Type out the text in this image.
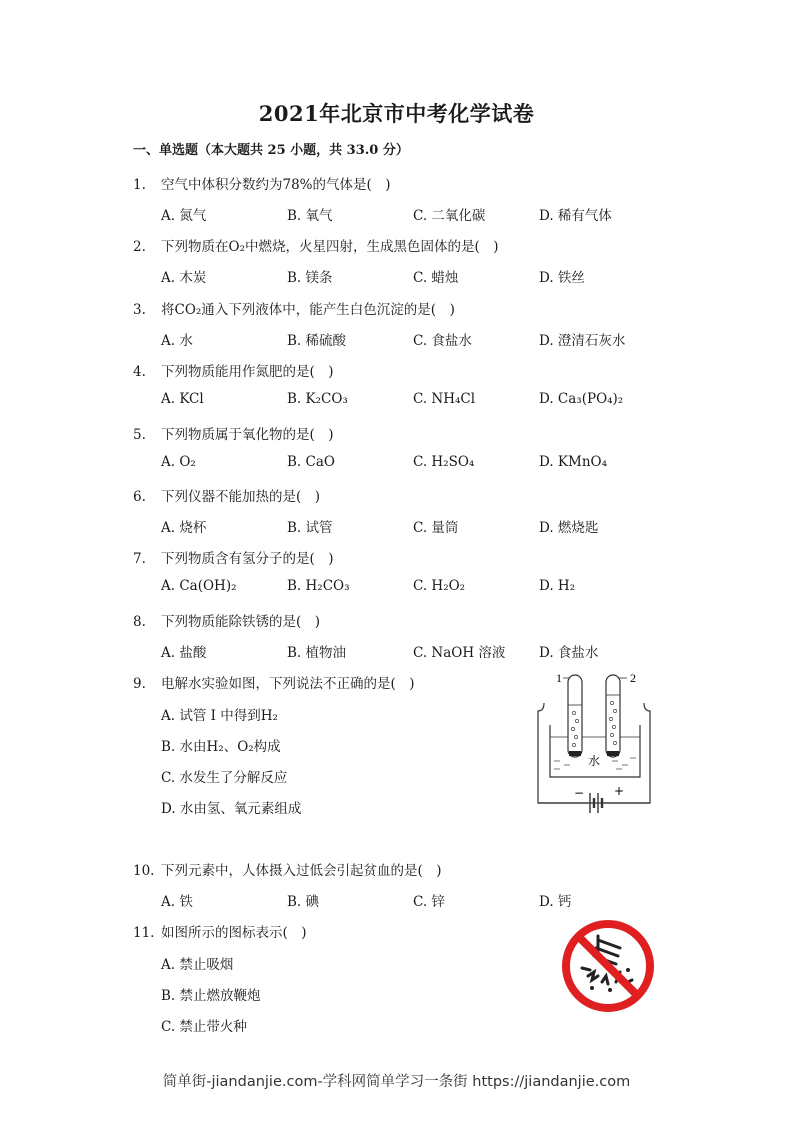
2021年北京市中考化学试卷
一、单选题（本大题共 25 小题，共 33.0 分）
1. 空气中体积分数约为78%的气体是( )
A. 氮气	B. 氧气	C. 二氧化碳	D. 稀有气体
2. 下列物质在O₂中燃烧，火星四射，生成黑色固体的是( )
A. 木炭	B. 镁条	C. 蜡烛	D. 铁丝
3. 将CO₂通入下列液体中，能产生白色沉淀的是( )
A. 水	B. 稀硫酸	C. 食盐水	D. 澄清石灰水
4. 下列物质能用作氮肥的是( )
A. KCl	B. K₂CO₃	C. NH₄Cl	D. Ca₃(PO₄)₂
5. 下列物质属于氧化物的是( )
A. O₂	B. CaO	C. H₂SO₄	D. KMnO₄
6. 下列仪器不能加热的是( )
A. 烧杯	B. 试管	C. 量筒	D. 燃烧匙
7. 下列物质含有氢分子的是( )
A. Ca(OH)₂	B. H₂CO₃	C. H₂O₂	D. H₂
8. 下列物质能除铁锈的是( )
A. 盐酸	B. 植物油	C. NaOH 溶液 D. 食盐水
9. 电解水实验如图，下列说法不正确的是( )
A. 试管 I 中得到H₂
B. 水由H₂、O₂构成
C. 水发生了分解反应
D. 水由氢、氧元素组成
1	2
水
− +
10. 下列元素中，人体摄入过低会引起贫血的是( )
A. 铁	B. 碘	C. 锌	D. 钙
11. 如图所示的图标表示( )
A. 禁止吸烟
B. 禁止燃放鞭炮
C. 禁止带火种
简单街-jiandanjie.com-学科网简单学习一条街 https://jiandanjie.com
